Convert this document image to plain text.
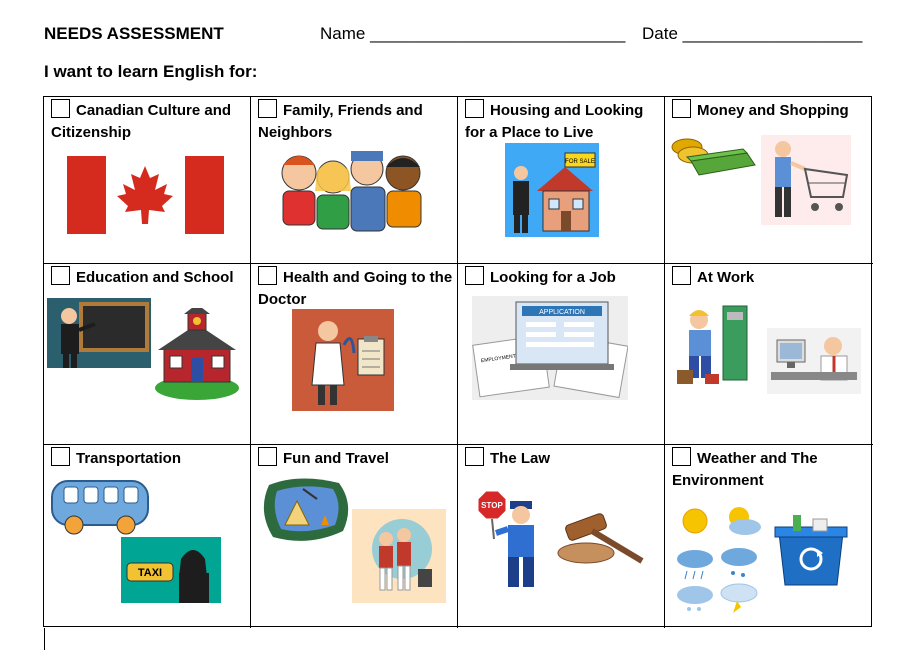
NEEDS ASSESSMENT	Name ___________________________ Date ___________________
I want to learn English for:
Canadian Culture and Citizenship
Family, Friends and Neighbors
Housing and Looking for a Place to Live
FOR SALE
Money and Shopping
Education and School	Health and Going to the Doctor
Looking for a Job
EMPLOYMENT
APPLICATION
At Work
Transportation
TAXI
Fun and Travel	The Law
STOP
Weather and The Environment
